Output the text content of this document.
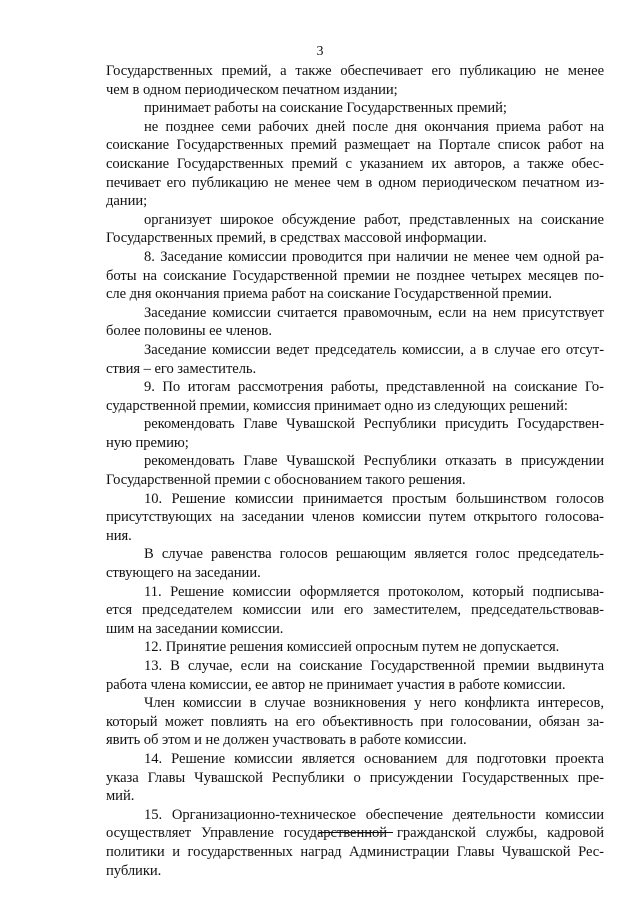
3
Государственных премий, а также обеспечивает его публикацию не менее
чем в одном периодическом печатном издании;
принимает работы на соискание Государственных премий;
не позднее семи рабочих дней после дня окончания приема работ на
соискание Государственных премий размещает на Портале список работ на
соискание Государственных премий с указанием их авторов, а также обес-
печивает его публикацию не менее чем в одном периодическом печатном из-
дании;
организует широкое обсуждение работ, представленных на соискание
Государственных премий, в средствах массовой информации.
8. Заседание комиссии проводится при наличии не менее чем одной ра-
боты на соискание Государственной премии не позднее четырех месяцев по-
сле дня окончания приема работ на соискание Государственной премии.
Заседание комиссии считается правомочным, если на нем присутствует
более половины ее членов.
Заседание комиссии ведет председатель комиссии, а в случае его отсут-
ствия – его заместитель.
9. По итогам рассмотрения работы, представленной на соискание Го-
сударственной премии, комиссия принимает одно из следующих решений:
рекомендовать Главе Чувашской Республики присудить Государствен-
ную премию;
рекомендовать Главе Чувашской Республики отказать в присуждении
Государственной премии с обоснованием такого решения.
10. Решение комиссии принимается простым большинством голосов
присутствующих на заседании членов комиссии путем открытого голосова-
ния.
В случае равенства голосов решающим является голос председатель-
ствующего на заседании.
11. Решение комиссии оформляется протоколом, который подписыва-
ется председателем комиссии или его заместителем, председательствовав-
шим на заседании комиссии.
12. Принятие решения комиссией опросным путем не допускается.
13. В случае, если на соискание Государственной премии выдвинута
работа члена комиссии, ее автор не принимает участия в работе комиссии.
Член комиссии в случае возникновения у него конфликта интересов,
который может повлиять на его объективность при голосовании, обязан за-
явить об этом и не должен участвовать в работе комиссии.
14. Решение комиссии является основанием для подготовки проекта
указа Главы Чувашской Республики о присуждении Государственных пре-
мий.
15. Организационно-техническое обеспечение деятельности комиссии
осуществляет Управление государственной гражданской службы, кадровой
политики и государственных наград Администрации Главы Чувашской Рес-
публики.
